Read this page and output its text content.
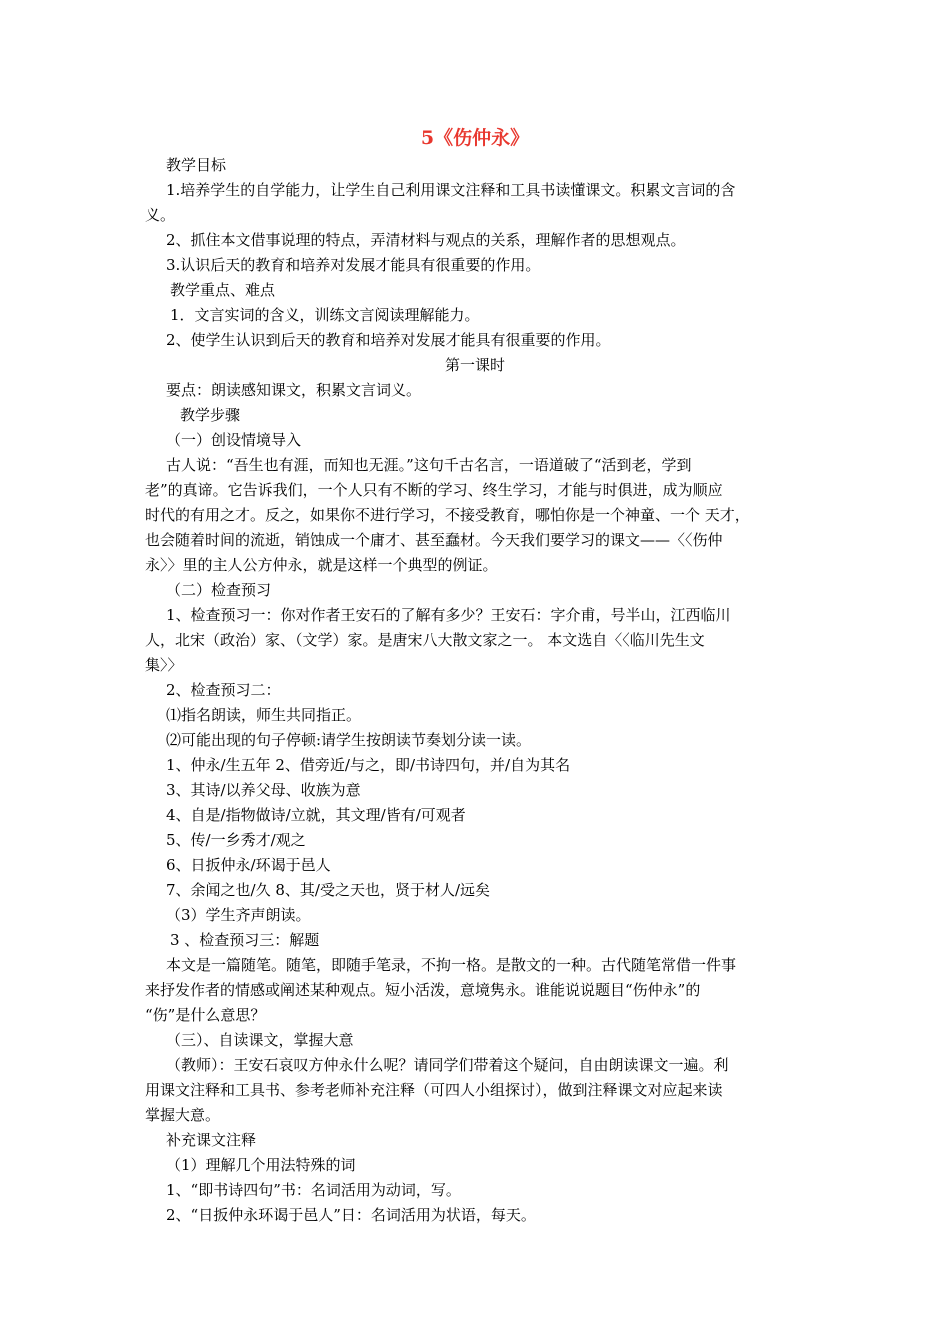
5《伤仲永》
教学目标
1.培养学生的自学能力，让学生自己利用课文注释和工具书读懂课文。积累文言词的含
义。
2、抓住本文借事说理的特点，弄清材料与观点的关系，理解作者的思想观点。
3.认识后天的教育和培养对发展才能具有很重要的作用。
教学重点、难点
1．文言实词的含义，训练文言阅读理解能力。
2、使学生认识到后天的教育和培养对发展才能具有很重要的作用。
第一课时
要点：朗读感知课文，积累文言词义。
教学步骤
（一）创设情境导入
古人说：“吾生也有涯，而知也无涯。”这句千古名言，一语道破了“活到老，学到
老”的真谛。它告诉我们，一个人只有不断的学习、终生学习，才能与时俱进，成为顺应
时代的有用之才。反之，如果你不进行学习，不接受教育，哪怕你是一个神童、一个 天才，
也会随着时间的流逝，销蚀成一个庸才、甚至蠢材。今天我们要学习的课文——〈〈伤仲
永〉〉里的主人公方仲永，就是这样一个典型的例证。
（二）检查预习
1、检查预习一：你对作者王安石的了解有多少？王安石：字介甫，号半山，江西临川
人，北宋（政治）家、（文学）家。是唐宋八大散文家之一。 本文选自〈〈临川先生文
集〉〉
2、检查预习二：
⑴指名朗读，师生共同指正。
⑵可能出现的句子停顿:请学生按朗读节奏划分读一读。
1、仲永/生五年 2、借旁近/与之，即/书诗四句，并/自为其名
3、其诗/以养父母、收族为意
4、自是/指物做诗/立就，其文理/皆有/可观者
5、传/一乡秀才/观之
6、日扳仲永/环谒于邑人
7、余闻之也/久 8、其/受之天也，贤于材人/远矣
（3）学生齐声朗读。
3 、检查预习三：解题
本文是一篇随笔。随笔，即随手笔录，不拘一格。是散文的一种。古代随笔常借一件事
来抒发作者的情感或阐述某种观点。短小活泼，意境隽永。谁能说说题目“伤仲永”的
“伤”是什么意思？
（三）、自读课文，掌握大意
（教师）：王安石哀叹方仲永什么呢？请同学们带着这个疑问，自由朗读课文一遍。利
用课文注释和工具书、参考老师补充注释（可四人小组探讨），做到注释课文对应起来读
掌握大意。
补充课文注释
（1）理解几个用法特殊的词
1、“即书诗四句”书：名词活用为动词，写。
2、“日扳仲永环谒于邑人”日：名词活用为状语，每天。
